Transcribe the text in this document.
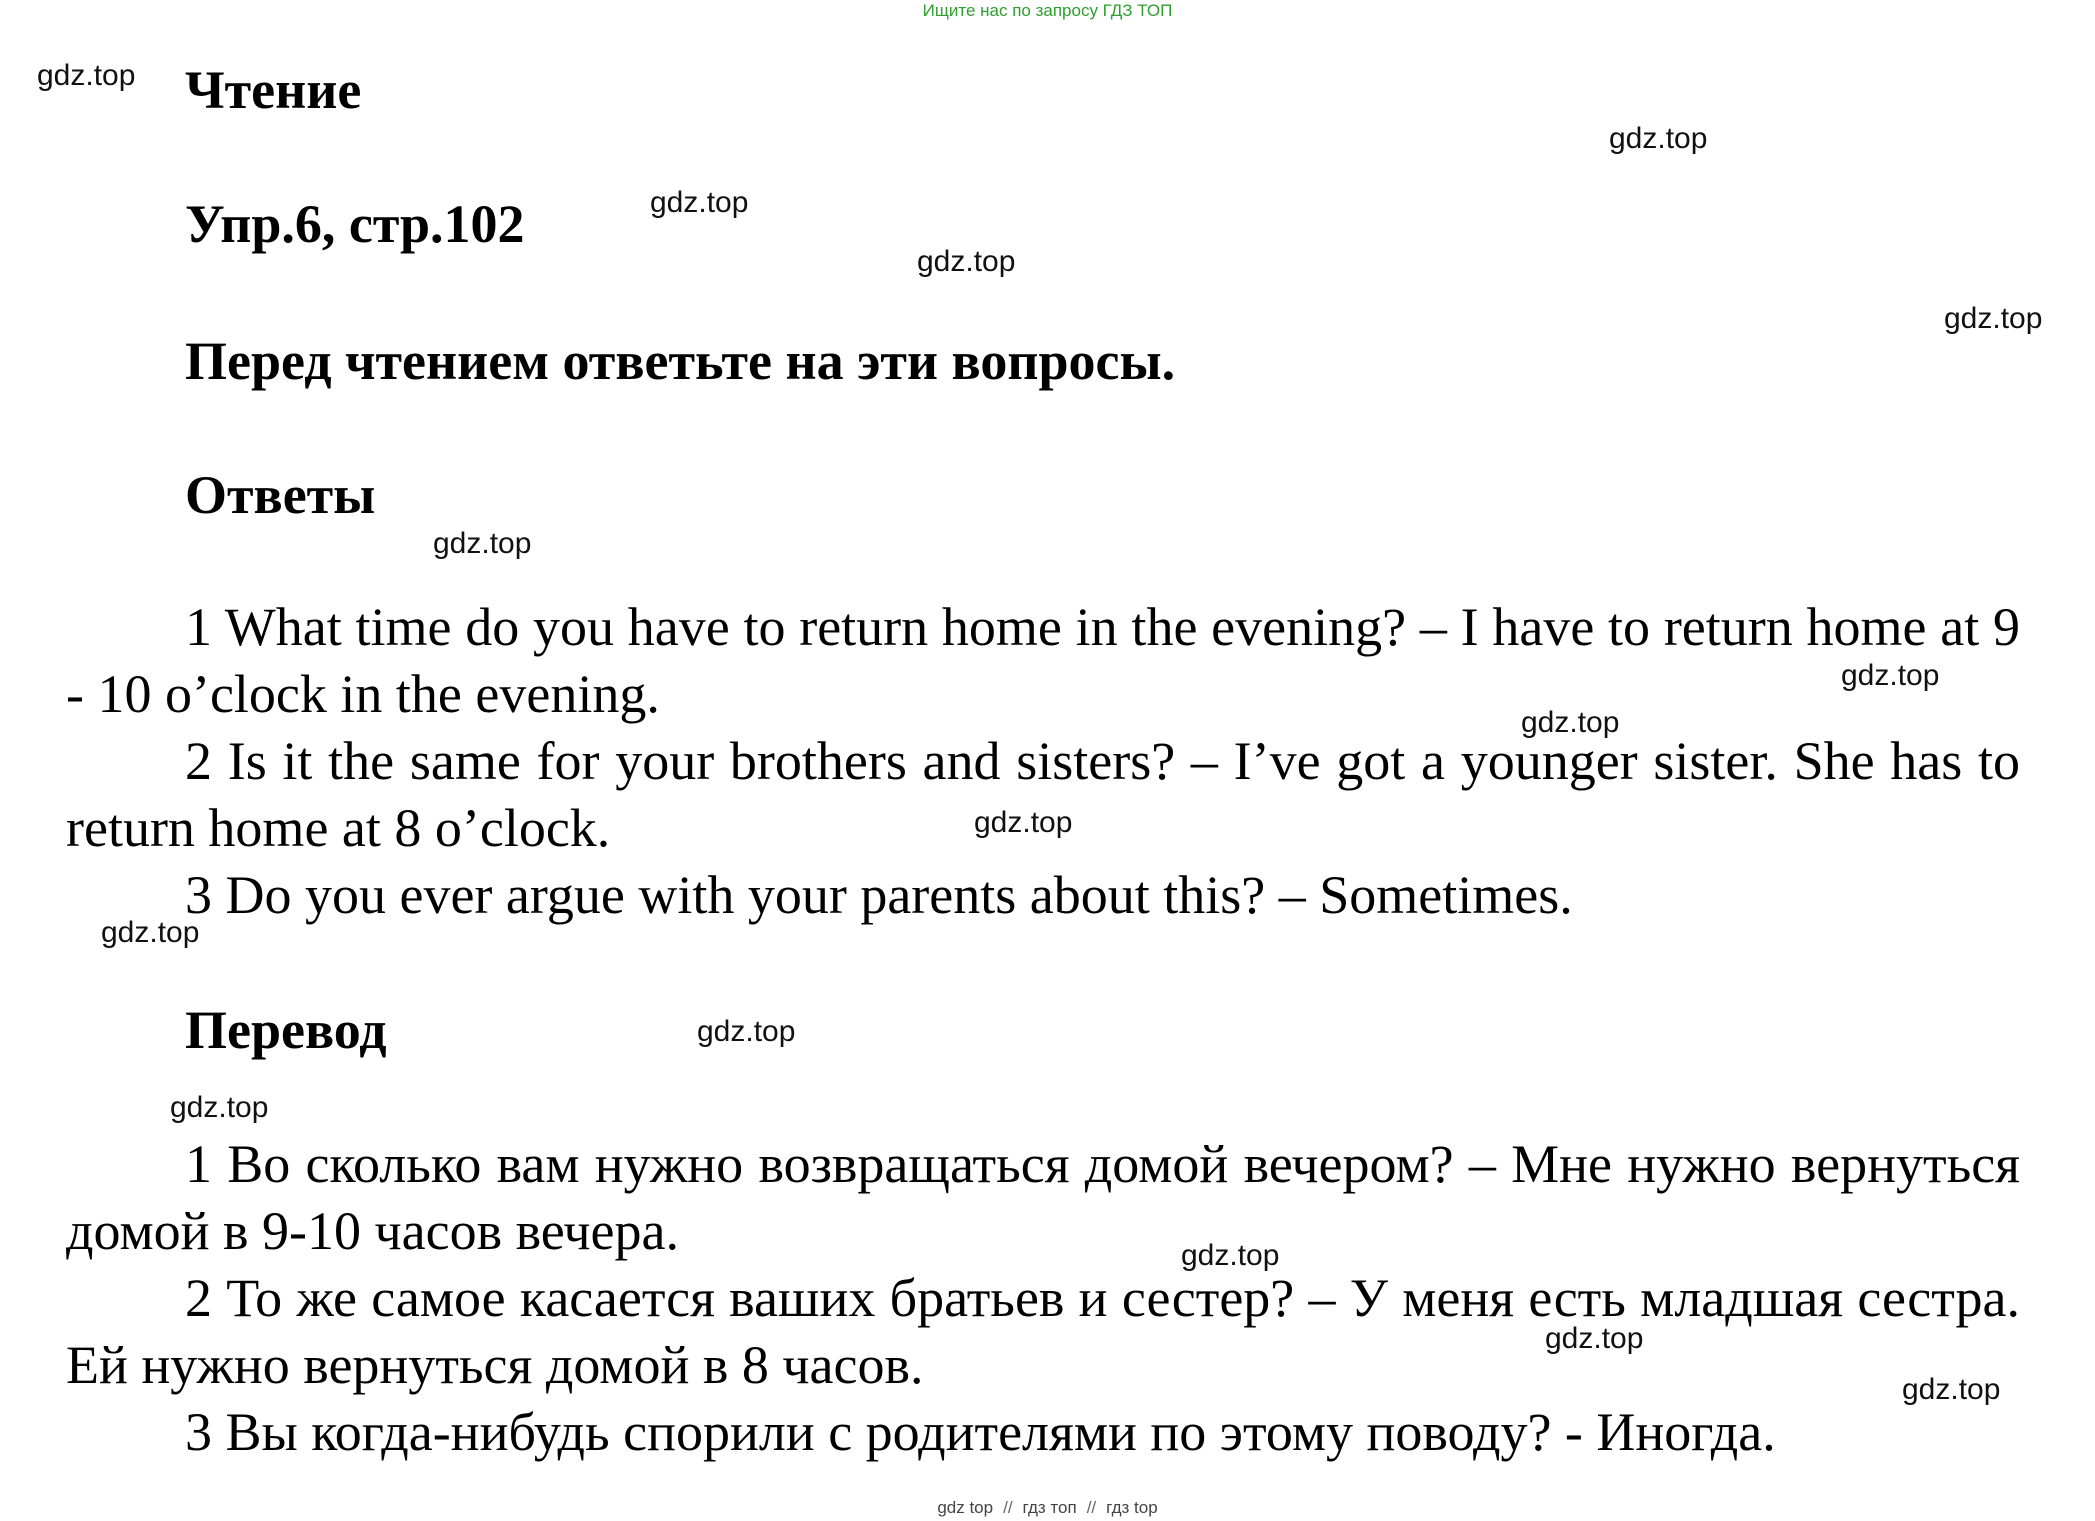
Ищите нас по запросу ГДЗ ТОП
Чтение
Упр.6, стр.102

Перед чтением ответьте на эти вопросы.

Ответы

1 What time do you have to return home in the evening? – I have to return home at 9 - 10 o’clock in the evening.

2 Is it the same for your brothers and sisters? – I’ve got a younger sister. She has to return home at 8 o’clock.

3 Do you ever argue with your parents about this? – Sometimes.

Перевод

1 Во сколько вам нужно возвращаться домой вечером? – Мне нужно вернуться домой в 9-10 часов вечера.

2 То же самое касается ваших братьев и сестер? – У меня есть младшая сестра. Ей нужно вернуться домой в 8 часов.

3 Вы когда-нибудь спорили с родителями по этому поводу? - Иногда.

gdz.top
gdz.top
gdz.top
gdz.top
gdz.top
gdz.top
gdz.top
gdz.top
gdz.top
gdz.top
gdz.top
gdz.top
gdz.top
gdz.top
gdz.top
gdz top // гдз топ // гдз top
